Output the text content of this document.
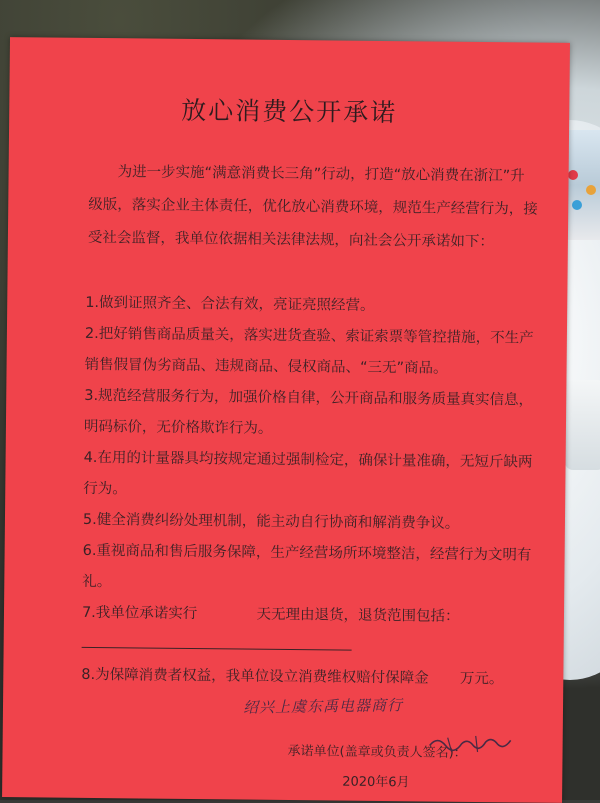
放心消费公开承诺

为进一步实施“满意消费长三角”行动，打造“放心消费在浙江”升级版，落实企业主体责任，优化放心消费环境，规范生产经营行为，接受社会监督，我单位依据相关法律法规，向社会公开承诺如下：

1.做到证照齐全、合法有效，亮证亮照经营。

2.把好销售商品质量关，落实进货查验、索证索票等管控措施，不生产销售假冒伪劣商品、违规商品、侵权商品、“三无”商品。

3.规范经营服务行为，加强价格自律，公开商品和服务质量真实信息，明码标价，无价格欺诈行为。

4.在用的计量器具均按规定通过强制检定，确保计量准确，无短斤缺两行为。

5.健全消费纠纷处理机制，能主动自行协商和解消费争议。

6.重视商品和售后服务保障，生产经营场所环境整洁，经营行为文明有礼。

7.我单位承诺实行	天无理由退货，退货范围包括：

8.为保障消费者权益，我单位设立消费维权赔付保障金 万元。

绍兴上虞东禹电器商行
承诺单位(盖章或负责人签名)：
2020年6月
